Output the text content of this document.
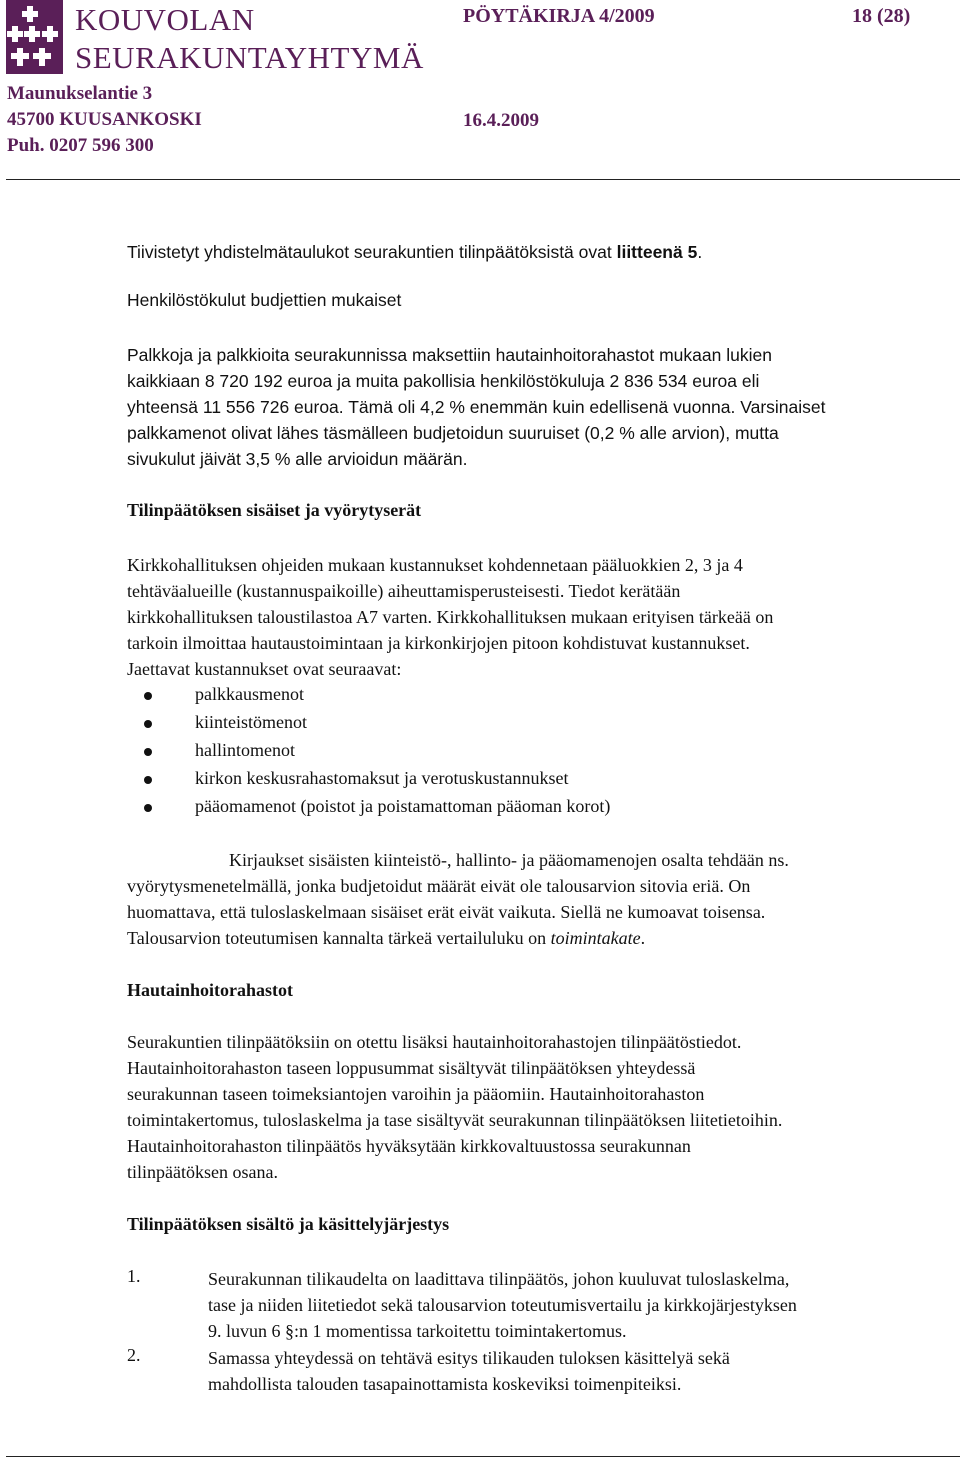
KOUVOLAN
SEURAKUNTAYHTYMÄ
Maunukselantie 3
45700 KUUSANKOSKI
Puh. 0207 596 300
PÖYTÄKIRJA 4/2009	18 (28)
16.4.2009
Tiivistetyt yhdistelmätaulukot seurakuntien tilinpäätöksistä ovat liitteenä 5.
Henkilöstökulut budjettien mukaiset
Palkkoja ja palkkioita seurakunnissa maksettiin hautainhoitorahastot mukaan lukien
kaikkiaan 8 720 192 euroa ja muita pakollisia henkilöstökuluja 2 836 534 euroa eli
yhteensä 11 556 726 euroa. Tämä oli 4,2 % enemmän kuin edellisenä vuonna. Varsinaiset
palkkamenot olivat lähes täsmälleen budjetoidun suuruiset (0,2 % alle arvion), mutta
sivukulut jäivät 3,5 % alle arvioidun määrän.
Tilinpäätöksen sisäiset ja vyörytyserät
Kirkkohallituksen ohjeiden mukaan kustannukset kohdennetaan pääluokkien 2, 3 ja 4
tehtäväalueille (kustannuspaikoille) aiheuttamisperusteisesti. Tiedot kerätään
kirkkohallituksen taloustilastoa A7 varten. Kirkkohallituksen mukaan erityisen tärkeää on
tarkoin ilmoittaa hautaustoimintaan ja kirkonkirjojen pitoon kohdistuvat kustannukset.
Jaettavat kustannukset ovat seuraavat:
palkkausmenot
kiinteistömenot
hallintomenot
kirkon keskusrahastomaksut ja verotuskustannukset
pääomamenot (poistot ja poistamattoman pääoman korot)
Kirjaukset sisäisten kiinteistö-, hallinto- ja pääomamenojen osalta tehdään ns.
vyörytysmenetelmällä, jonka budjetoidut määrät eivät ole talousarvion sitovia eriä. On
huomattava, että tuloslaskelmaan sisäiset erät eivät vaikuta. Siellä ne kumoavat toisensa.
Talousarvion toteutumisen kannalta tärkeä vertailuluku on toimintakate.
Hautainhoitorahastot
Seurakuntien tilinpäätöksiin on otettu lisäksi hautainhoitorahastojen tilinpäätöstiedot.
Hautainhoitorahaston taseen loppusummat sisältyvät tilinpäätöksen yhteydessä
seurakunnan taseen toimeksiantojen varoihin ja pääomiin. Hautainhoitorahaston
toimintakertomus, tuloslaskelma ja tase sisältyvät seurakunnan tilinpäätöksen liitetietoihin.
Hautainhoitorahaston tilinpäätös hyväksytään kirkkovaltuustossa seurakunnan
tilinpäätöksen osana.
Tilinpäätöksen sisältö ja käsittelyjärjestys
1.	Seurakunnan tilikaudelta on laadittava tilinpäätös, johon kuuluvat tuloslaskelma,
tase ja niiden liitetiedot sekä talousarvion toteutumisvertailu ja kirkkojärjestyksen
9. luvun 6 §:n 1 momentissa tarkoitettu toimintakertomus.
2.	Samassa yhteydessä on tehtävä esitys tilikauden tuloksen käsittelyä sekä
mahdollista talouden tasapainottamista koskeviksi toimenpiteiksi.
